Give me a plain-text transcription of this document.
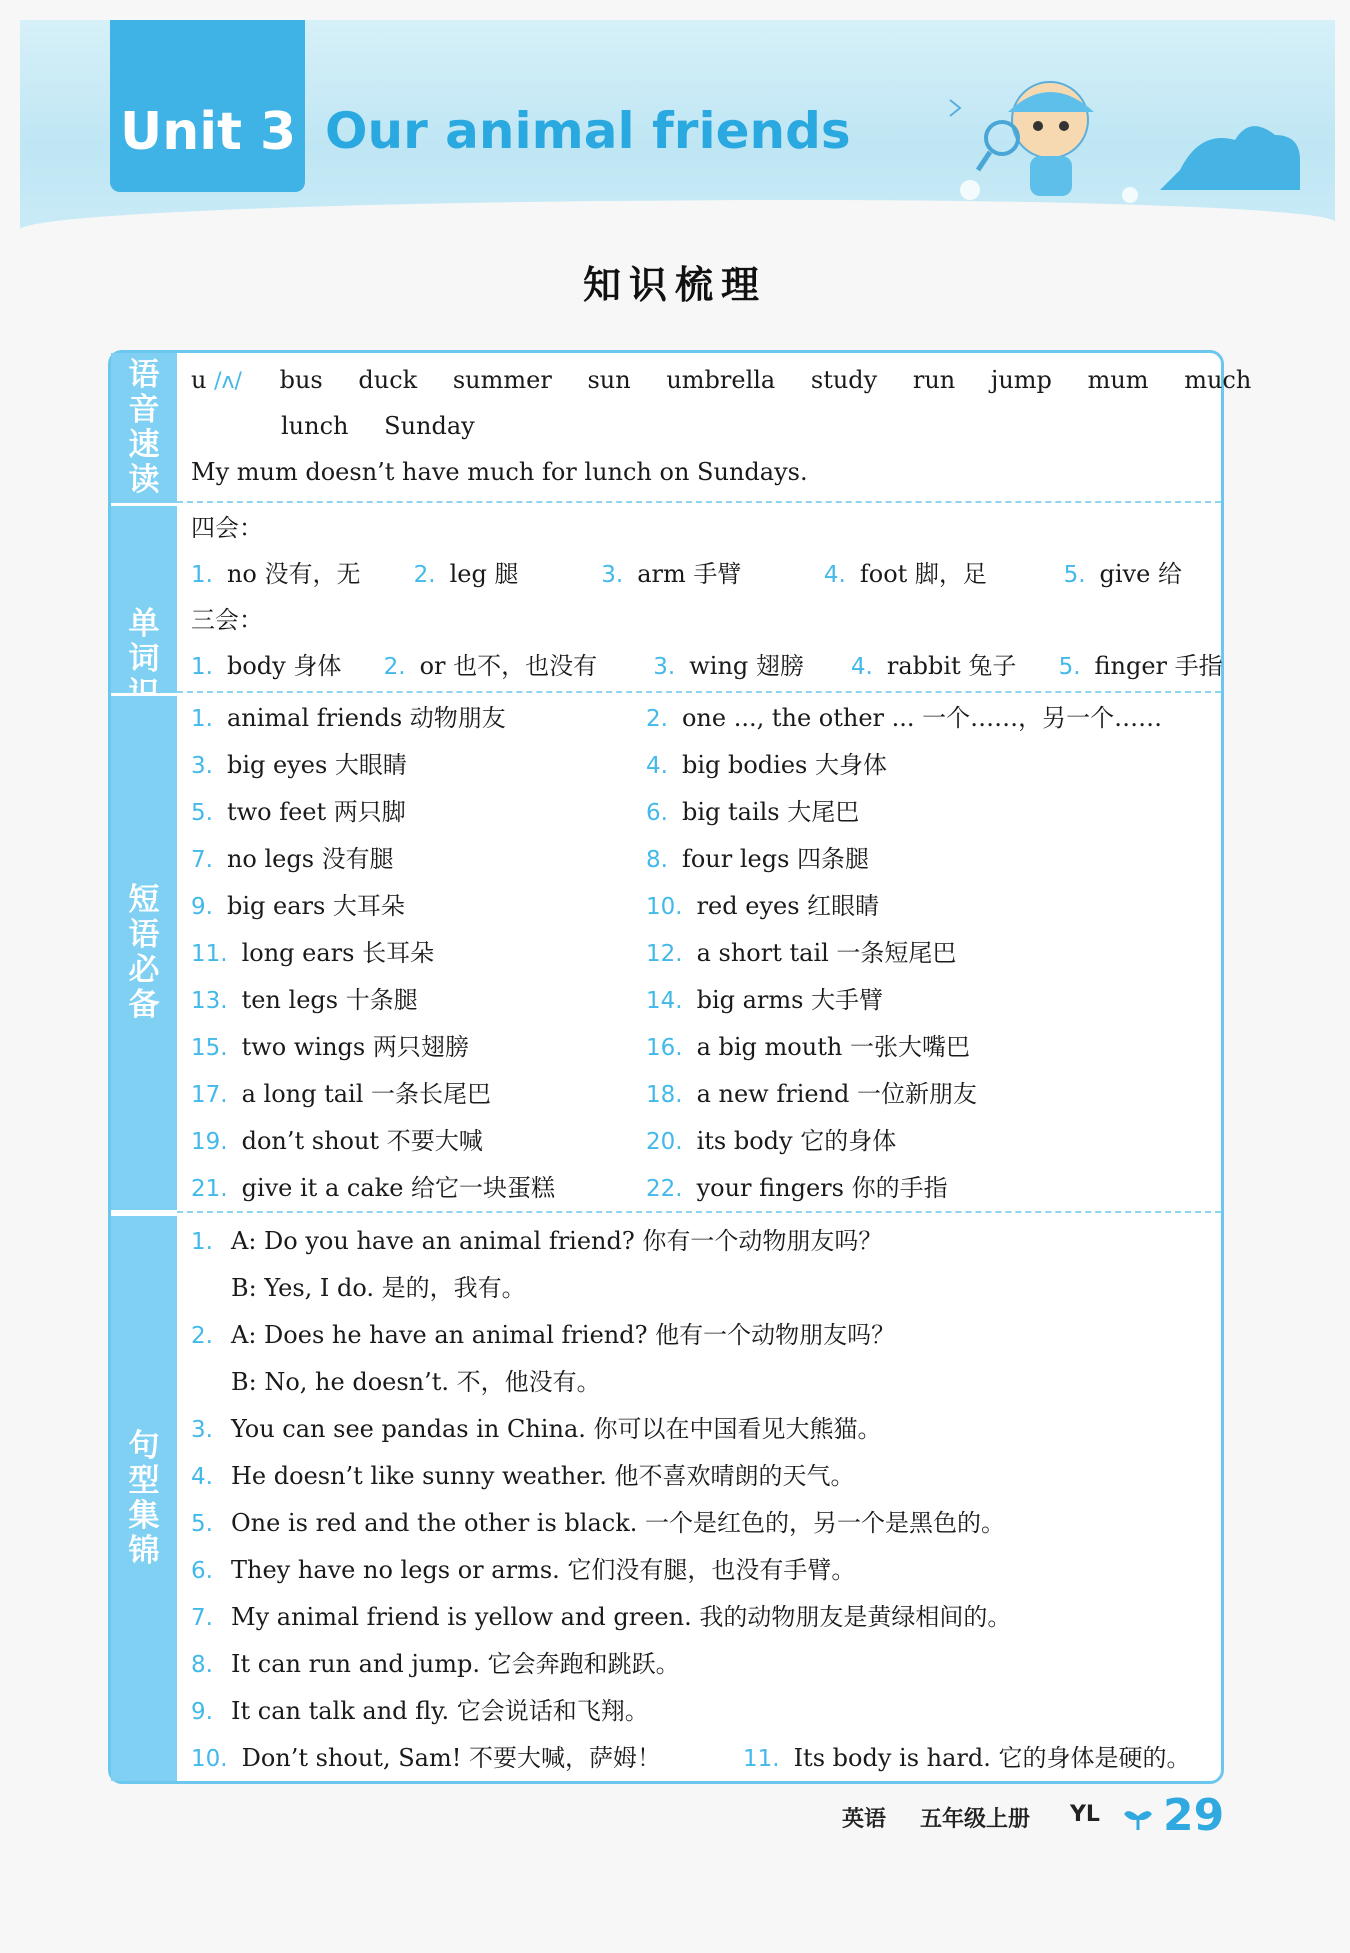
Unit 3 Our animal friends
知识梳理
语
音
速
读
单
词
短
语
必
备
句
型
集
锦
u /ʌ/ bus duck summer sun umbrella study run jump mum much
lunch Sunday
My mum doesn’t have much for lunch on Sundays.
四会：
1. no 没有，无 2. leg 腿	3. arm 手臂	4. foot 脚，足	5. give 给
三会：
1. body 身体 2. or 也不，也没有 3. wing 翅膀 4. rabbit 兔子 5. finger 手指
1. animal friends 动物朋友	2. one ..., the other ... 一个……，另一个……
3. big eyes 大眼睛	4. big bodies 大身体
5. two feet 两只脚	6. big tails 大尾巴
7. no legs 没有腿	8. four legs 四条腿
9. big ears 大耳朵	10. red eyes 红眼睛
11. long ears 长耳朵	12. a short tail 一条短尾巴
13. ten legs 十条腿	14. big arms 大手臂
15. two wings 两只翅膀	16. a big mouth 一张大嘴巴
17. a long tail 一条长尾巴	18. a new friend 一位新朋友
19. don’t shout 不要大喊	20. its body 它的身体
21. give it a cake 给它一块蛋糕	22. your fingers 你的手指
1. A: Do you have an animal friend? 你有一个动物朋友吗？
B: Yes, I do. 是的，我有。
2. A: Does he have an animal friend? 他有一个动物朋友吗？
B: No, he doesn’t. 不，他没有。
3. You can see pandas in China. 你可以在中国看见大熊猫。
4. He doesn’t like sunny weather. 他不喜欢晴朗的天气。
5. One is red and the other is black. 一个是红色的，另一个是黑色的。
6. They have no legs or arms. 它们没有腿，也没有手臂。
7. My animal friend is yellow and green. 我的动物朋友是黄绿相间的。
8. It can run and jump. 它会奔跑和跳跃。
9. It can talk and fly. 它会说话和飞翔。
10. Don’t shout, Sam! 不要大喊，萨姆！	11. Its body is hard. 它的身体是硬的。
英语 五年级上册 YL 29
